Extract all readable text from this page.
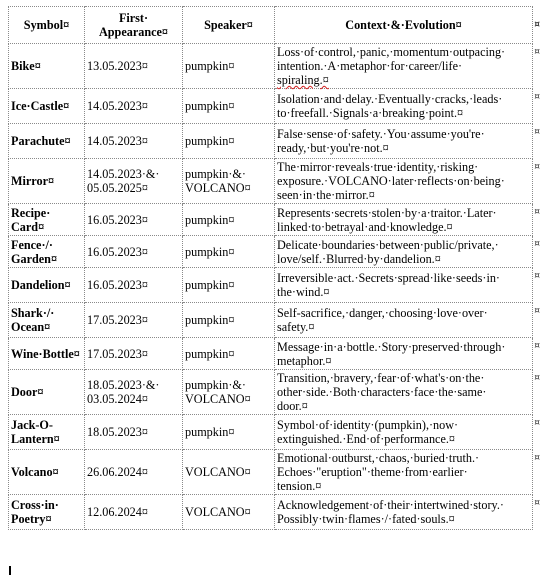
Symbol¤	First·
Appearance¤	Speaker¤	Context·&·Evolution¤ ¤

Bike¤	13.05.2023¤	pumpkin¤	Loss·of·control,·panic,·momentum·outpacing·
intention.·A·metaphor·for·career/life·
spiraling.¤
¤

Ice·Castle¤	14.05.2023¤	pumpkin¤	Isolation·and·delay.·Eventually·cracks,·leads·
to·freefall.·Signals·a·breaking·point.¤
¤

Parachute¤	14.05.2023¤	pumpkin¤	False·sense·of·safety.·You·assume·you're·
ready,·but·you're·not.¤
¤

Mirror¤	14.05.2023·&·
05.05.2025¤	pumpkin·&·
VOLCANO¤	The·mirror·reveals·true·identity,·risking·
exposure.·VOLCANO·later·reflects·on·being·
seen·in·the·mirror.¤
¤

Recipe·
Card¤	16.05.2023¤	pumpkin¤	Represents·secrets·stolen·by·a·traitor.·Later·
linked·to·betrayal·and·knowledge.¤
¤

Fence·/·
Garden¤	16.05.2023¤	pumpkin¤	Delicate·boundaries·between·public/private,·
love/self.·Blurred·by·dandelion.¤
¤

Dandelion¤	16.05.2023¤	pumpkin¤	Irreversible·act.·Secrets·spread·like·seeds·in·
the·wind.¤
¤

Shark·/·
Ocean¤	17.05.2023¤	pumpkin¤	Self-sacrifice,·danger,·choosing·love·over·
safety.¤
¤

Wine·Bottle¤	17.05.2023¤	pumpkin¤	Message·in·a·bottle.·Story·preserved·through·
metaphor.¤
¤

Door¤	18.05.2023·&·
03.05.2024¤	pumpkin·&·
VOLCANO¤	Transition,·bravery,·fear·of·what's·on·the·
other·side.·Both·characters·face·the·same·
door.¤
¤

Jack-O-
Lantern¤	18.05.2023¤	pumpkin¤	Symbol·of·identity·(pumpkin),·now·
extinguished.·End·of·performance.¤
¤

Volcano¤	26.06.2024¤	VOLCANO¤	Emotional·outburst,·chaos,·buried·truth.·
Echoes·"eruption"·theme·from·earlier·
tension.¤
¤

Cross·in·
Poetry¤	12.06.2024¤	VOLCANO¤	Acknowledgement·of·their·intertwined·story.·
Possibly·twin·flames·/·fated·souls.¤
¤
